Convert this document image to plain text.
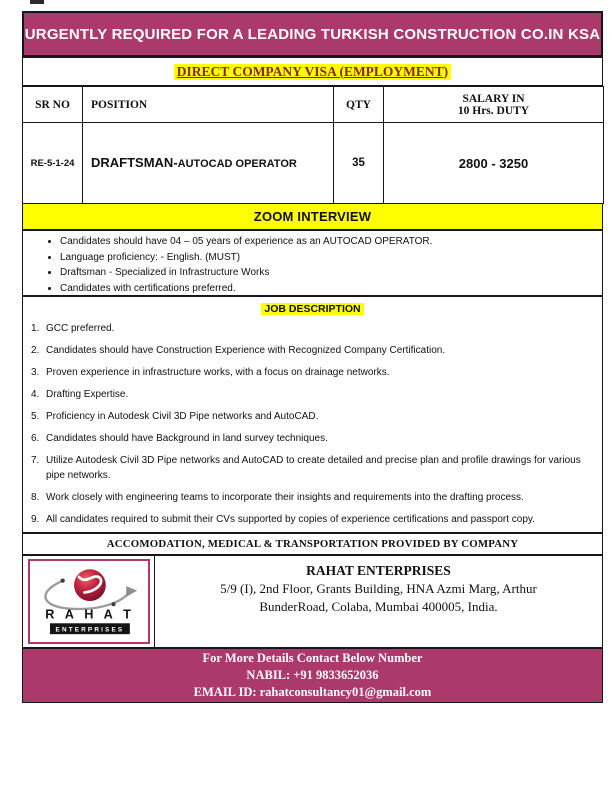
URGENTLY REQUIRED FOR A LEADING TURKISH CONSTRUCTION CO.IN KSA
DIRECT COMPANY VISA (EMPLOYMENT)
SR NO	POSITION	QTY	SALARY IN
10 Hrs. DUTY

RE-5-1-24	DRAFTSMAN-AUTOCAD OPERATOR	35	2800 - 3250
ZOOM INTERVIEW
• Candidates should have 04 – 05 years of experience as an AUTOCAD OPERATOR.
• Language proficiency: - English. (MUST)
• Draftsman - Specialized in Infrastructure Works
• Candidates with certifications preferred.
JOB DESCRIPTION
1. GCC preferred.
2. Candidates should have Construction Experience with Recognized Company Certification.
3. Proven experience in infrastructure works, with a focus on drainage networks.
4. Drafting Expertise.
5. Proficiency in Autodesk Civil 3D Pipe networks and AutoCAD.
6. Candidates should have Background in land survey techniques.
7. Utilize Autodesk Civil 3D Pipe networks and AutoCAD to create detailed and precise plan and profile drawings for various pipe networks.
8. Work closely with engineering teams to incorporate their insights and requirements into the drafting process.
9. All candidates required to submit their CVs supported by copies of experience certifications and passport copy.
ACCOMODATION, MEDICAL & TRANSPORTATION PROVIDED BY COMPANY
R A H A T
ENTERPRISES
RAHAT ENTERPRISES
5/9 (I), 2nd Floor, Grants Building, HNA Azmi Marg, Arthur
BunderRoad, Colaba, Mumbai 400005, India.
For More Details Contact Below Number
NABIL: +91 9833652036
EMAIL ID: rahatconsultancy01@gmail.com
